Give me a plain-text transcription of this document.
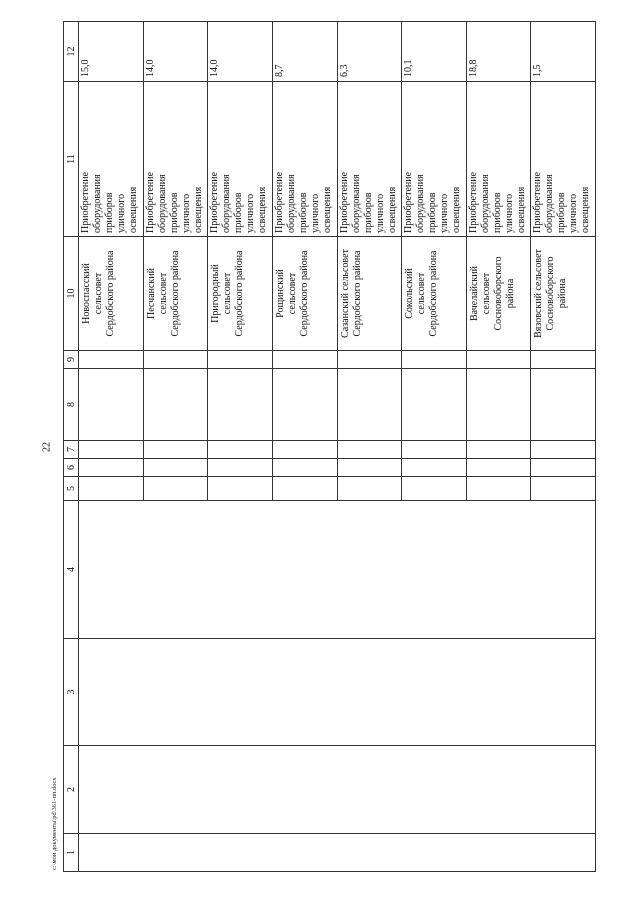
22
1	2	3	4	5	6	7	8	9	10	11	12

									Новоспасский
сельсовет
Сердобского района	Приобретение
оборудования
приборов
уличного
освещения	15,0

									Песчанский
сельсовет
Сердобского района	Приобретение
оборудования
приборов
уличного
освещения	14,0

									Пригородный
сельсовет
Сердобского района	Приобретение
оборудования
приборов
уличного
освещения	14,0

									Рощинский
сельсовет
Сердобского района	Приобретение
оборудования
приборов
уличного
освещения	8,7

									Сазанский сельсовет
Сердобского района	Приобретение
оборудования
приборов
уличного
освещения	6,3

									Сокольский
сельсовет
Сердобского района	Приобретение
оборудования
приборов
уличного
освещения	10,1

									Вачелайский
сельсовет
Сосновоборского
района	Приобретение
оборудования
приборов
уличного
освещения	18,8

									Вязовский сельсовет
Сосновоборского
района	Приобретение
оборудования
приборов
уличного
освещения	1,5
c:\мои документы\pd\361-пп.docx
